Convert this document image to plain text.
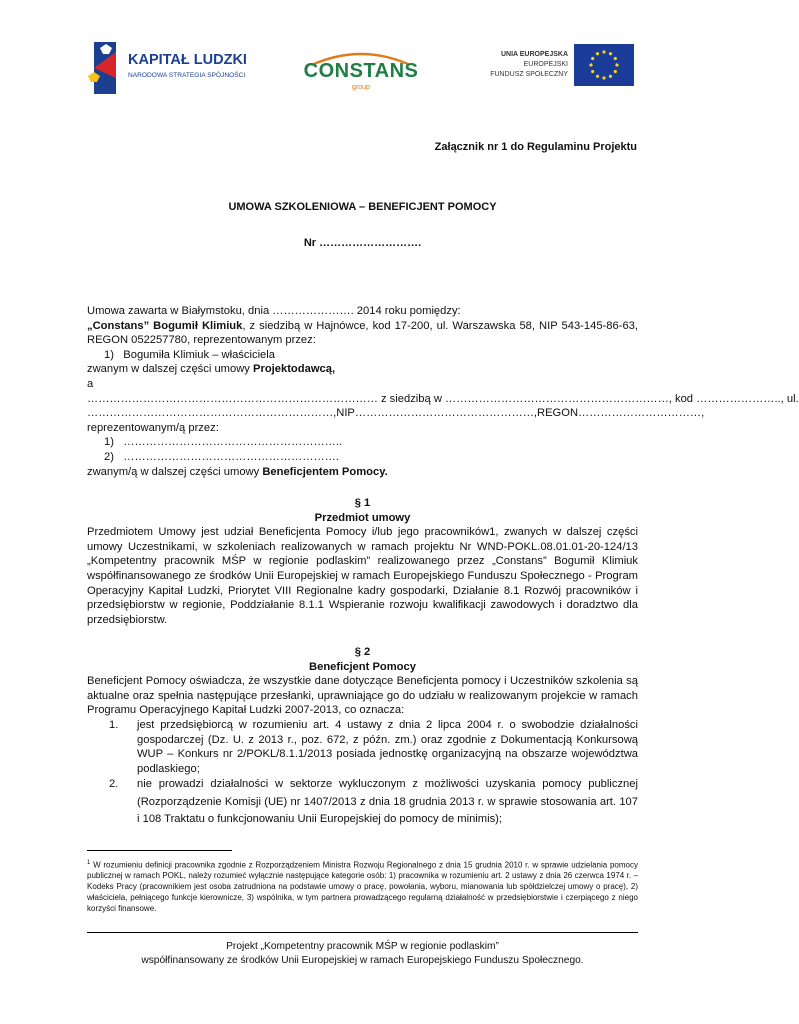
KAPITAŁ LUDZKI
NARODOWA STRATEGIA SPÓJNOŚCI	CONSTANS
group
UNIA EUROPEJSKA
EUROPEJSKI
FUNDUSZ SPOŁECZNY
Załącznik nr 1 do Regulaminu Projektu
UMOWA SZKOLENIOWA – BENEFICJENT POMOCY
Nr ……………………….
Umowa zawarta w Białymstoku, dnia …………………. 2014 roku pomiędzy:
„Constans” Bogumił Klimiuk, z siedzibą w Hajnówce, kod 17-200, ul. Warszawska 58, NIP 543-145-86-63, REGON 052257780, reprezentowanym przez:
1) Bogumiła Klimiuk – właściciela
zwanym w dalszej części umowy Projektodawcą,
a
…………………………………………………………………… z siedzibą w ……………………………………………………, kod ………………….., ul.
…………………………………………………………, NIP …………………………………………, REGON ……………………………,
reprezentowanym/ą przez:
1) …………………………………………………..
2) ………………………………………………….
zwanym/ą w dalszej części umowy Beneficjentem Pomocy.
§ 1
Przedmiot umowy
Przedmiotem Umowy jest udział Beneficjenta Pomocy i/lub jego pracowników1, zwanych w dalszej części umowy Uczestnikami, w szkoleniach realizowanych w ramach projektu Nr WND-POKL.08.01.01-20-124/13 „Kompetentny pracownik MŚP w regionie podlaskim” realizowanego przez „Constans” Bogumił Klimiuk współfinansowanego ze środków Unii Europejskiej w ramach Europejskiego Funduszu Społecznego - Program Operacyjny Kapitał Ludzki, Priorytet VIII Regionalne kadry gospodarki, Działanie 8.1 Rozwój pracowników i przedsiębiorstw w regionie, Poddziałanie 8.1.1 Wspieranie rozwoju kwalifikacji zawodowych i doradztwo dla przedsiębiorstw.
§ 2
Beneficjent Pomocy
Beneficjent Pomocy oświadcza, że wszystkie dane dotyczące Beneficjenta pomocy i Uczestników szkolenia są aktualne oraz spełnia następujące przesłanki, uprawniające go do udziału w realizowanym projekcie w ramach Programu Operacyjnego Kapitał Ludzki 2007-2013, co oznacza:
1.	jest przedsiębiorcą w rozumieniu art. 4 ustawy z dnia 2 lipca 2004 r. o swobodzie działalności gospodarczej (Dz. U. z 2013 r., poz. 672, z późn. zm.) oraz zgodnie z Dokumentacją Konkursową WUP – Konkurs nr 2/POKL/8.1.1/2013 posiada jednostkę organizacyjną na obszarze województwa podlaskiego;
2.	nie prowadzi działalności w sektorze wykluczonym z możliwości uzyskania pomocy publicznej (Rozporządzenie Komisji (UE) nr 1407/2013 z dnia 18 grudnia 2013 r. w sprawie stosowania art. 107 i 108 Traktatu o funkcjonowaniu Unii Europejskiej do pomocy de minimis);
$^1$ W rozumieniu definicji pracownika zgodnie z Rozporządzeniem Ministra Rozwoju Regionalnego z dnia 15 grudnia 2010 r. w sprawie udzielania pomocy publicznej w ramach POKL, należy rozumieć wyłącznie następujące kategorie osób: 1) pracownika w rozumieniu art. 2 ustawy z dnia 26 czerwca 1974 r. – Kodeks Pracy (pracownikiem jest osoba zatrudniona na podstawie umowy o pracę, powołania, wyboru, mianowania lub spółdzielczej umowy o pracę), 2) właściciela, pełniącego funkcje kierownicze, 3) wspólnika, w tym partnera prowadzącego regularną działalność w przedsiębiorstwie i czerpiącego z niego korzyści finansowe.
Projekt „Kompetentny pracownik MŚP w regionie podlaskim”
współfinansowany ze środków Unii Europejskiej w ramach Europejskiego Funduszu Społecznego.
